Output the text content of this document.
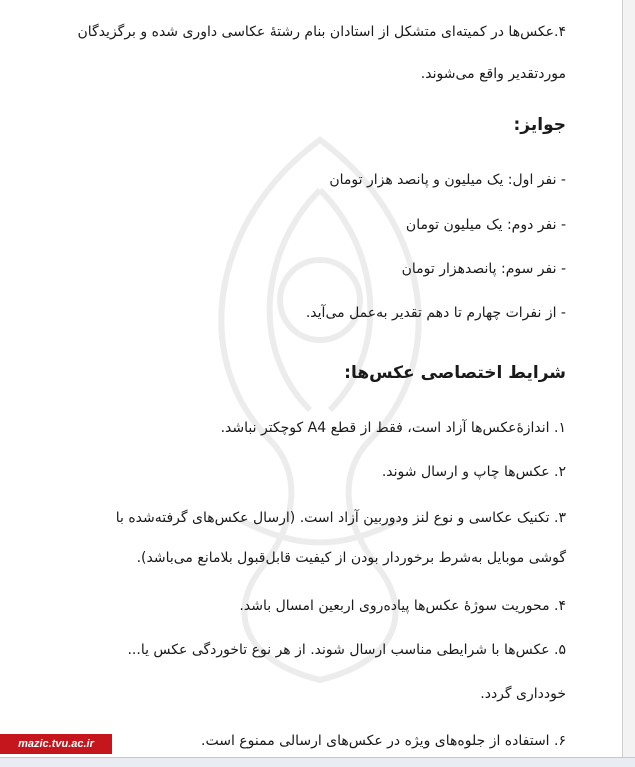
۴.عکس‌ها در کمیته‌ای متشکل از استادان بنام رشتهٔ عکاسی داوری شده و برگزیدگان
موردتقدیر واقع می‌شوند.
جوایز:
- نفر اول: یک میلیون و پانصد هزار تومان
- نفر دوم: یک میلیون تومان
- نفر سوم: پانصدهزار تومان
- از نفرات چهارم تا دهم تقدیر به‌عمل می‌آید.
شرایط اختصاصی عکس‌ها:
۱. اندازهٔ‌عکس‌ها آزاد است، فقط از قطع A4 کوچکتر نباشد.
۲. عکس‌ها چاپ و ارسال شوند.
۳. تکنیک عکاسی و نوع لنز ودوربین آزاد است. (ارسال عکس‌های گرفته‌شده با
گوشی موبایل به‌شرط برخوردار بودن از کیفیت قابل‌قبول بلامانع می‌باشد).
۴. محوریت سوژهٔ عکس‌ها پیاده‌روی اربعین امسال باشد.
۵. عکس‌ها با شرایطی مناسب ارسال شوند. از هر نوع تاخوردگی عکس یا...
خودداری گردد.
۶. استفاده از جلوه‌های ویژه در عکس‌های ارسالی ممنوع است.
mazic.tvu.ac.ir
